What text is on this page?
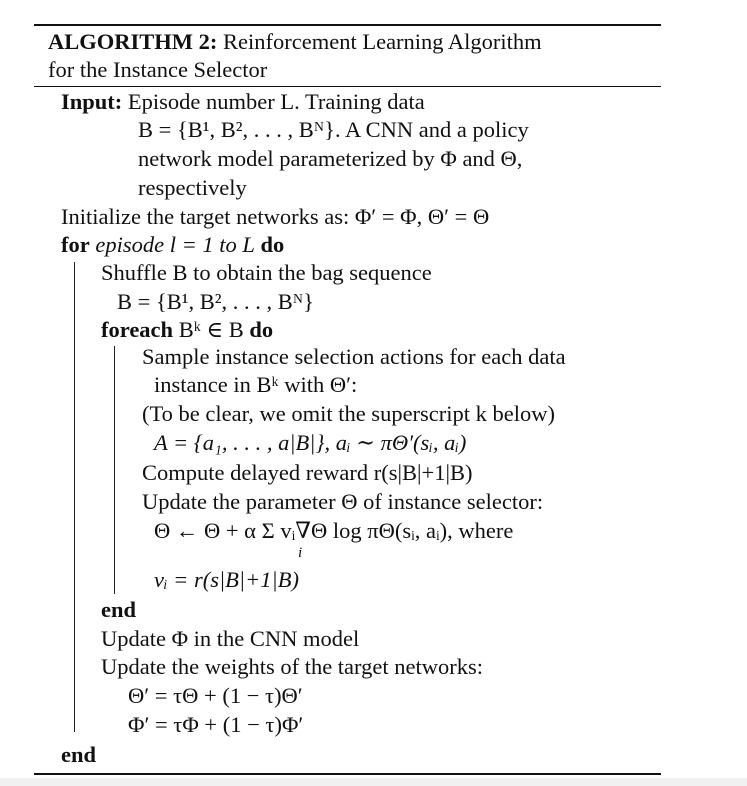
ALGORITHM 2: Reinforcement Learning Algorithm
for the Instance Selector
Input: Episode number L. Training data
B = {B¹, B², . . . , Bᴺ}. A CNN and a policy
network model parameterized by Φ and Θ,
respectively
Initialize the target networks as: Φ′ = Φ, Θ′ = Θ
for episode l = 1 to L do
Shuffle B to obtain the bag sequence
B = {B¹, B², . . . , Bᴺ}
foreach Bᵏ ∈ B do
Sample instance selection actions for each data
instance in Bᵏ with Θ′:
(To be clear, we omit the superscript k below)
A = {a₁, . . . , a|B|}, aᵢ ∼ πΘ′(sᵢ, aᵢ)
Compute delayed reward r(s|B|+1|B)
Update the parameter Θ of instance selector:
Θ ← Θ + α Σ vᵢ∇Θ log πΘ(sᵢ, aᵢ), where
i
vᵢ = r(s|B|+1|B)
end
Update Φ in the CNN model
Update the weights of the target networks:
Θ′ = τΘ + (1 − τ)Θ′
Φ′ = τΦ + (1 − τ)Φ′
end
